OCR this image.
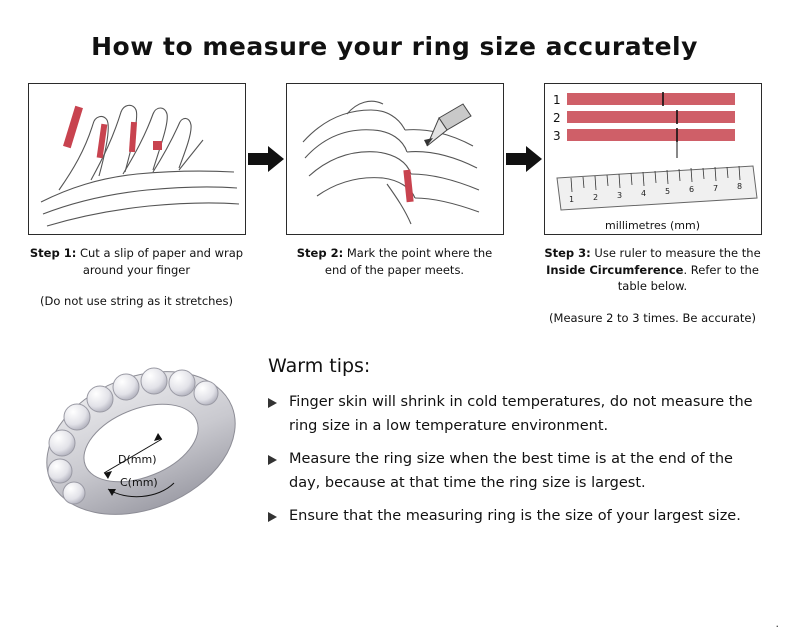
How to measure your ring size accurately
Step 1: Cut a slip of paper and wrap around your finger
(Do not use string as it stretches)
Step 2: Mark the point where the end of the paper meets.
1
2
3
1 2 3 4 5 6 7 8
millimetres (mm)
Step 3: Use ruler to measure the the Inside Circumference. Refer to the table below.
(Measure 2 to 3 times. Be accurate)
D(mm)
C(mm)
Warm tips:
Finger skin will shrink in cold temperatures, do not measure the ring size in a low temperature environment.
Measure the ring size when the best time is at the end of the day, because at that time the ring size is largest.
Ensure that the measuring ring is the size of your largest size.
.
